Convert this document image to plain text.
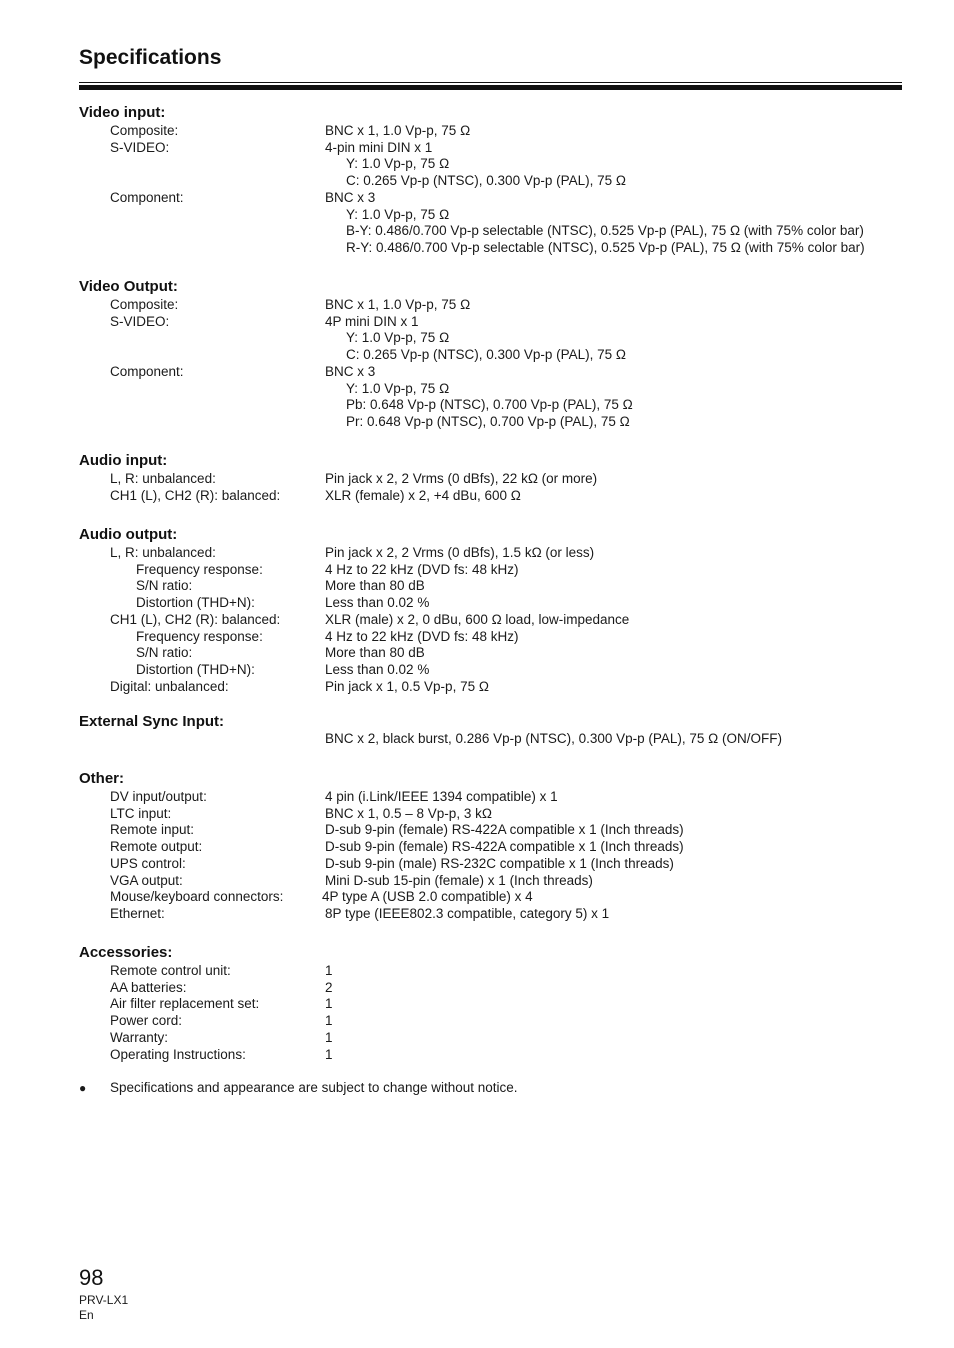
Specifications
Video input:
Composite:	BNC x 1, 1.0 Vp-p, 75 Ω
S-VIDEO:	4-pin mini DIN x 1
Y: 1.0 Vp-p, 75 Ω
C: 0.265 Vp-p (NTSC), 0.300 Vp-p (PAL), 75 Ω
Component:	BNC x 3
Y: 1.0 Vp-p, 75 Ω
B-Y: 0.486/0.700 Vp-p selectable (NTSC), 0.525 Vp-p (PAL), 75 Ω (with 75% color bar)
R-Y: 0.486/0.700 Vp-p selectable (NTSC), 0.525 Vp-p (PAL), 75 Ω (with 75% color bar)
Video Output:
Composite:	BNC x 1, 1.0 Vp-p, 75 Ω
S-VIDEO:	4P mini DIN x 1
Y: 1.0 Vp-p, 75 Ω
C: 0.265 Vp-p (NTSC), 0.300 Vp-p (PAL), 75 Ω
Component:	BNC x 3
Y: 1.0 Vp-p, 75 Ω
Pb: 0.648 Vp-p (NTSC), 0.700 Vp-p (PAL), 75 Ω
Pr: 0.648 Vp-p (NTSC), 0.700 Vp-p (PAL), 75 Ω
Audio input:
L, R: unbalanced:	Pin jack x 2, 2 Vrms (0 dBfs), 22 kΩ (or more)
CH1 (L), CH2 (R): balanced:	XLR (female) x 2, +4 dBu, 600 Ω
Audio output:
L, R: unbalanced:	Pin jack x 2, 2 Vrms (0 dBfs), 1.5 kΩ (or less)
Frequency response:	4 Hz to 22 kHz (DVD fs: 48 kHz)
S/N ratio:	More than 80 dB
Distortion (THD+N):	Less than 0.02 %
CH1 (L), CH2 (R): balanced:	XLR (male) x 2, 0 dBu, 600 Ω load, low-impedance
Frequency response:	4 Hz to 22 kHz (DVD fs: 48 kHz)
S/N ratio:	More than 80 dB
Distortion (THD+N):	Less than 0.02 %
Digital: unbalanced:	Pin jack x 1, 0.5 Vp-p, 75 Ω
External Sync Input:
BNC x 2, black burst, 0.286 Vp-p (NTSC), 0.300 Vp-p (PAL), 75 Ω (ON/OFF)
Other:
DV input/output:	4 pin (i.Link/IEEE 1394 compatible) x 1
LTC input:	BNC x 1, 0.5 – 8 Vp-p, 3 kΩ
Remote input:	D-sub 9-pin (female) RS-422A compatible x 1 (Inch threads)
Remote output:	D-sub 9-pin (female) RS-422A compatible x 1 (Inch threads)
UPS control:	D-sub 9-pin (male) RS-232C compatible x 1 (Inch threads)
VGA output:	Mini D-sub 15-pin (female) x 1 (Inch threads)
Mouse/keyboard connectors:	4P type A (USB 2.0 compatible) x 4
Ethernet:	8P type (IEEE802.3 compatible, category 5) x 1
Accessories:
Remote control unit:	1
AA batteries:	2
Air filter replacement set:	1
Power cord:	1
Warranty:	1
Operating Instructions:	1
● Specifications and appearance are subject to change without notice.
98
PRV-LX1
En
